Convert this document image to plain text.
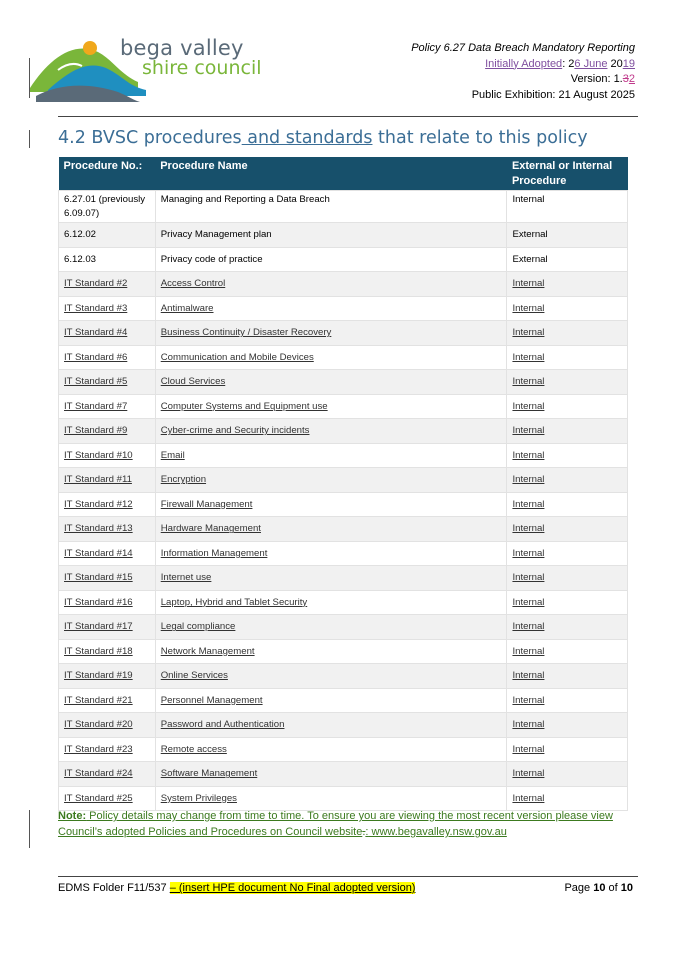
bega valley
shire council
Policy 6.27 Data Breach Mandatory Reporting
Initially Adopted: 26 June 2019
Version: 1.32
Public Exhibition: 21 August 2025
4.2 BVSC procedures and standards that relate to this policy
Procedure No.:	Procedure Name	External or Internal Procedure
6.27.01 (previously 6.09.07)	Managing and Reporting a Data Breach	Internal
6.12.02	Privacy Management plan	External
6.12.03	Privacy code of practice	External
IT Standard #2	Access Control	Internal
IT Standard #3	Antimalware	Internal
IT Standard #4	Business Continuity / Disaster Recovery	Internal
IT Standard #6	Communication and Mobile Devices	Internal
IT Standard #5	Cloud Services	Internal
IT Standard #7	Computer Systems and Equipment use	Internal
IT Standard #9	Cyber-crime and Security incidents	Internal
IT Standard #10	Email	Internal
IT Standard #11	Encryption	Internal
IT Standard #12	Firewall Management	Internal
IT Standard #13	Hardware Management	Internal
IT Standard #14	Information Management	Internal
IT Standard #15	Internet use	Internal
IT Standard #16	Laptop, Hybrid and Tablet Security	Internal
IT Standard #17	Legal compliance	Internal
IT Standard #18	Network Management	Internal
IT Standard #19	Online Services	Internal
IT Standard #21	Personnel Management	Internal
IT Standard #20	Password and Authentication	Internal
IT Standard #23	Remote access	Internal
IT Standard #24	Software Management	Internal
IT Standard #25	System Privileges	Internal
Note: Policy details may change from time to time. To ensure you are viewing the most recent version please view Council’s adopted Policies and Procedures on Council website.: www.begavalley.nsw.gov.au
EDMS Folder F11/537 – (insert HPE document No Final adopted version)	Page 10 of 10
